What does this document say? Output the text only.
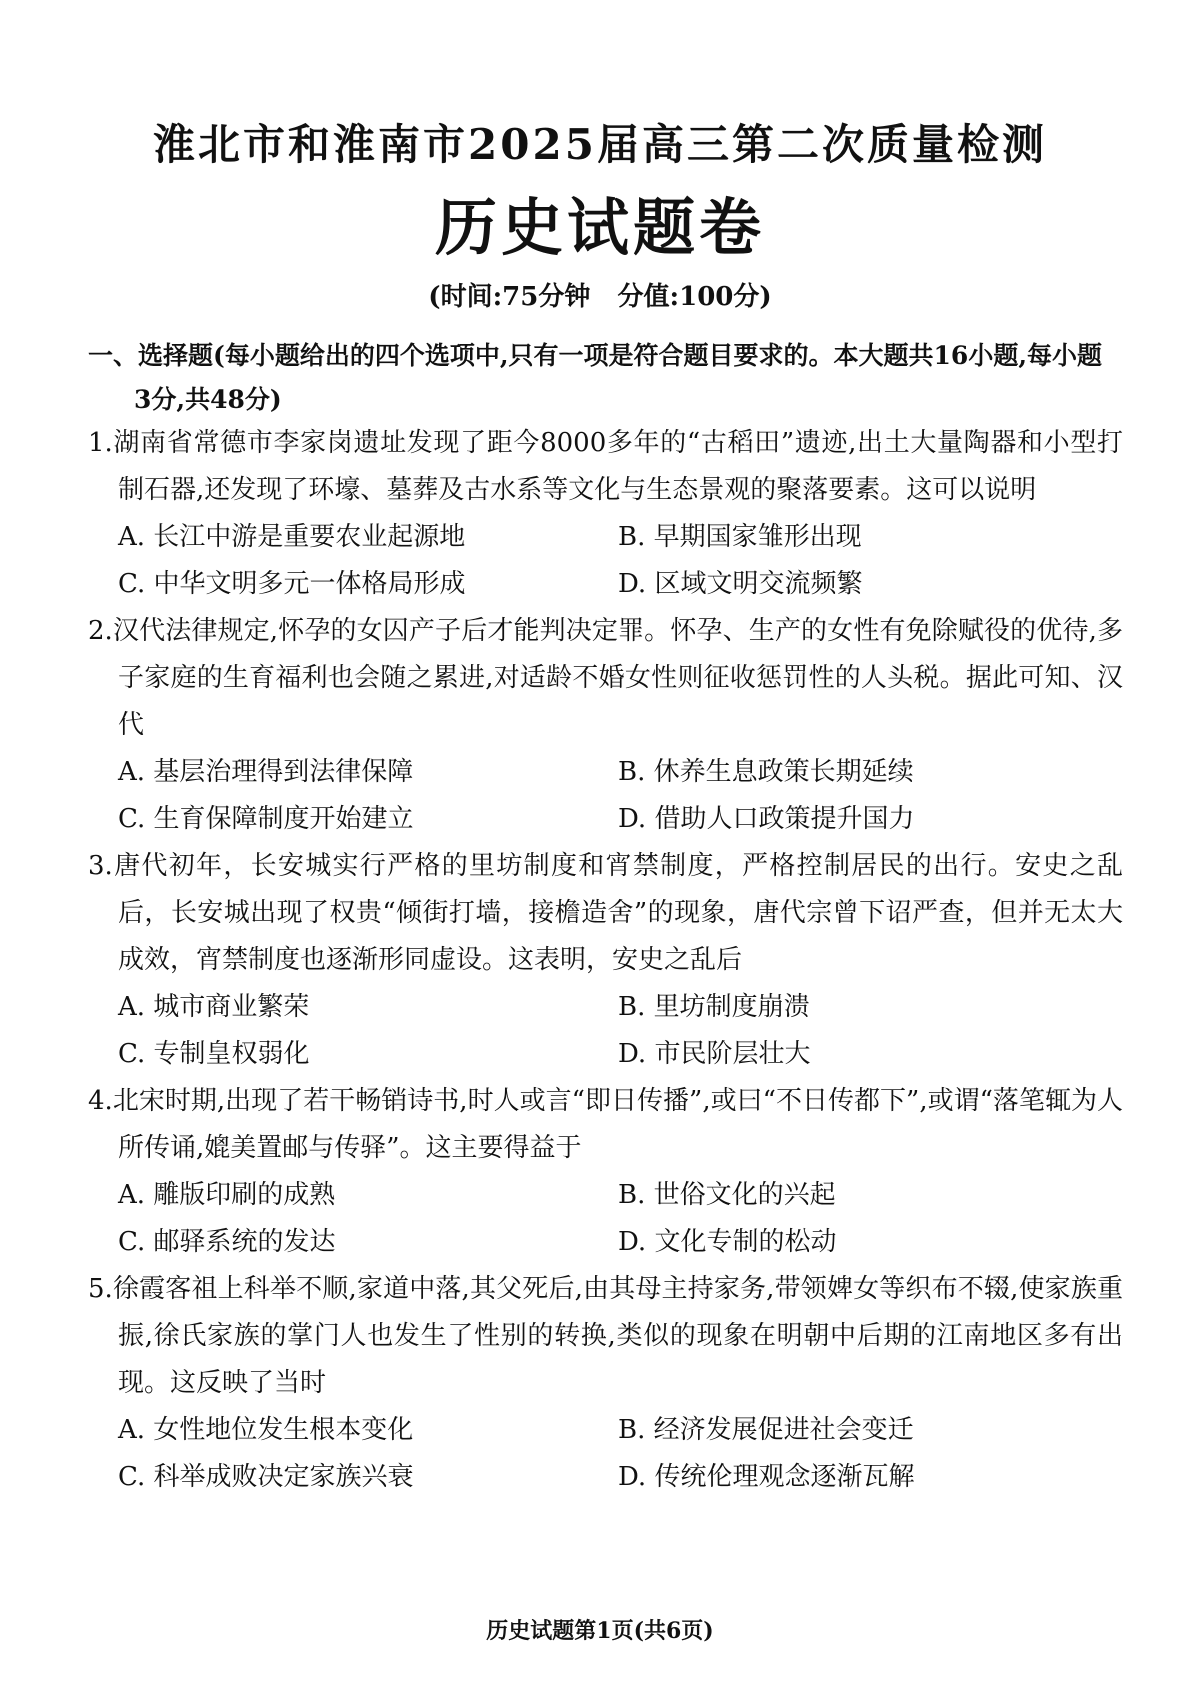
淮北市和淮南市2025届高三第二次质量检测
历史试题卷
(时间:75分钟   分值:100分)
一、选择题(每小题给出的四个选项中,只有一项是符合题目要求的。本大题共16小题,每小题3分,共48分)

1.湖南省常德市李家岗遗址发现了距今8000多年的“古稻田”遗迹,出土大量陶器和小型打制石器,还发现了环壕、墓葬及古水系等文化与生态景观的聚落要素。这可以说明

A. 长江中游是重要农业起源地	B. 早期国家雏形出现
C. 中华文明多元一体格局形成	D. 区域文明交流频繁

2.汉代法律规定,怀孕的女囚产子后才能判决定罪。怀孕、生产的女性有免除赋役的优待,多子家庭的生育福利也会随之累进,对适龄不婚女性则征收惩罚性的人头税。据此可知、汉代

A. 基层治理得到法律保障	B. 休养生息政策长期延续
C. 生育保障制度开始建立	D. 借助人口政策提升国力

3.唐代初年，长安城实行严格的里坊制度和宵禁制度，严格控制居民的出行。安史之乱后，长安城出现了权贵“倾街打墙，接檐造舍”的现象，唐代宗曾下诏严查，但并无太大成效，宵禁制度也逐渐形同虚设。这表明，安史之乱后

A. 城市商业繁荣	B. 里坊制度崩溃
C. 专制皇权弱化	D. 市民阶层壮大

4.北宋时期,出现了若干畅销诗书,时人或言“即日传播”,或曰“不日传都下”,或谓“落笔辄为人所传诵,媲美置邮与传驿”。这主要得益于

A. 雕版印刷的成熟	B. 世俗文化的兴起
C. 邮驿系统的发达	D. 文化专制的松动

5.徐霞客祖上科举不顺,家道中落,其父死后,由其母主持家务,带领婢女等织布不辍,使家族重振,徐氏家族的掌门人也发生了性别的转换,类似的现象在明朝中后期的江南地区多有出现。这反映了当时

A. 女性地位发生根本变化	B. 经济发展促进社会变迁
C. 科举成败决定家族兴衰	D. 传统伦理观念逐渐瓦解
历史试题第1页(共6页)
